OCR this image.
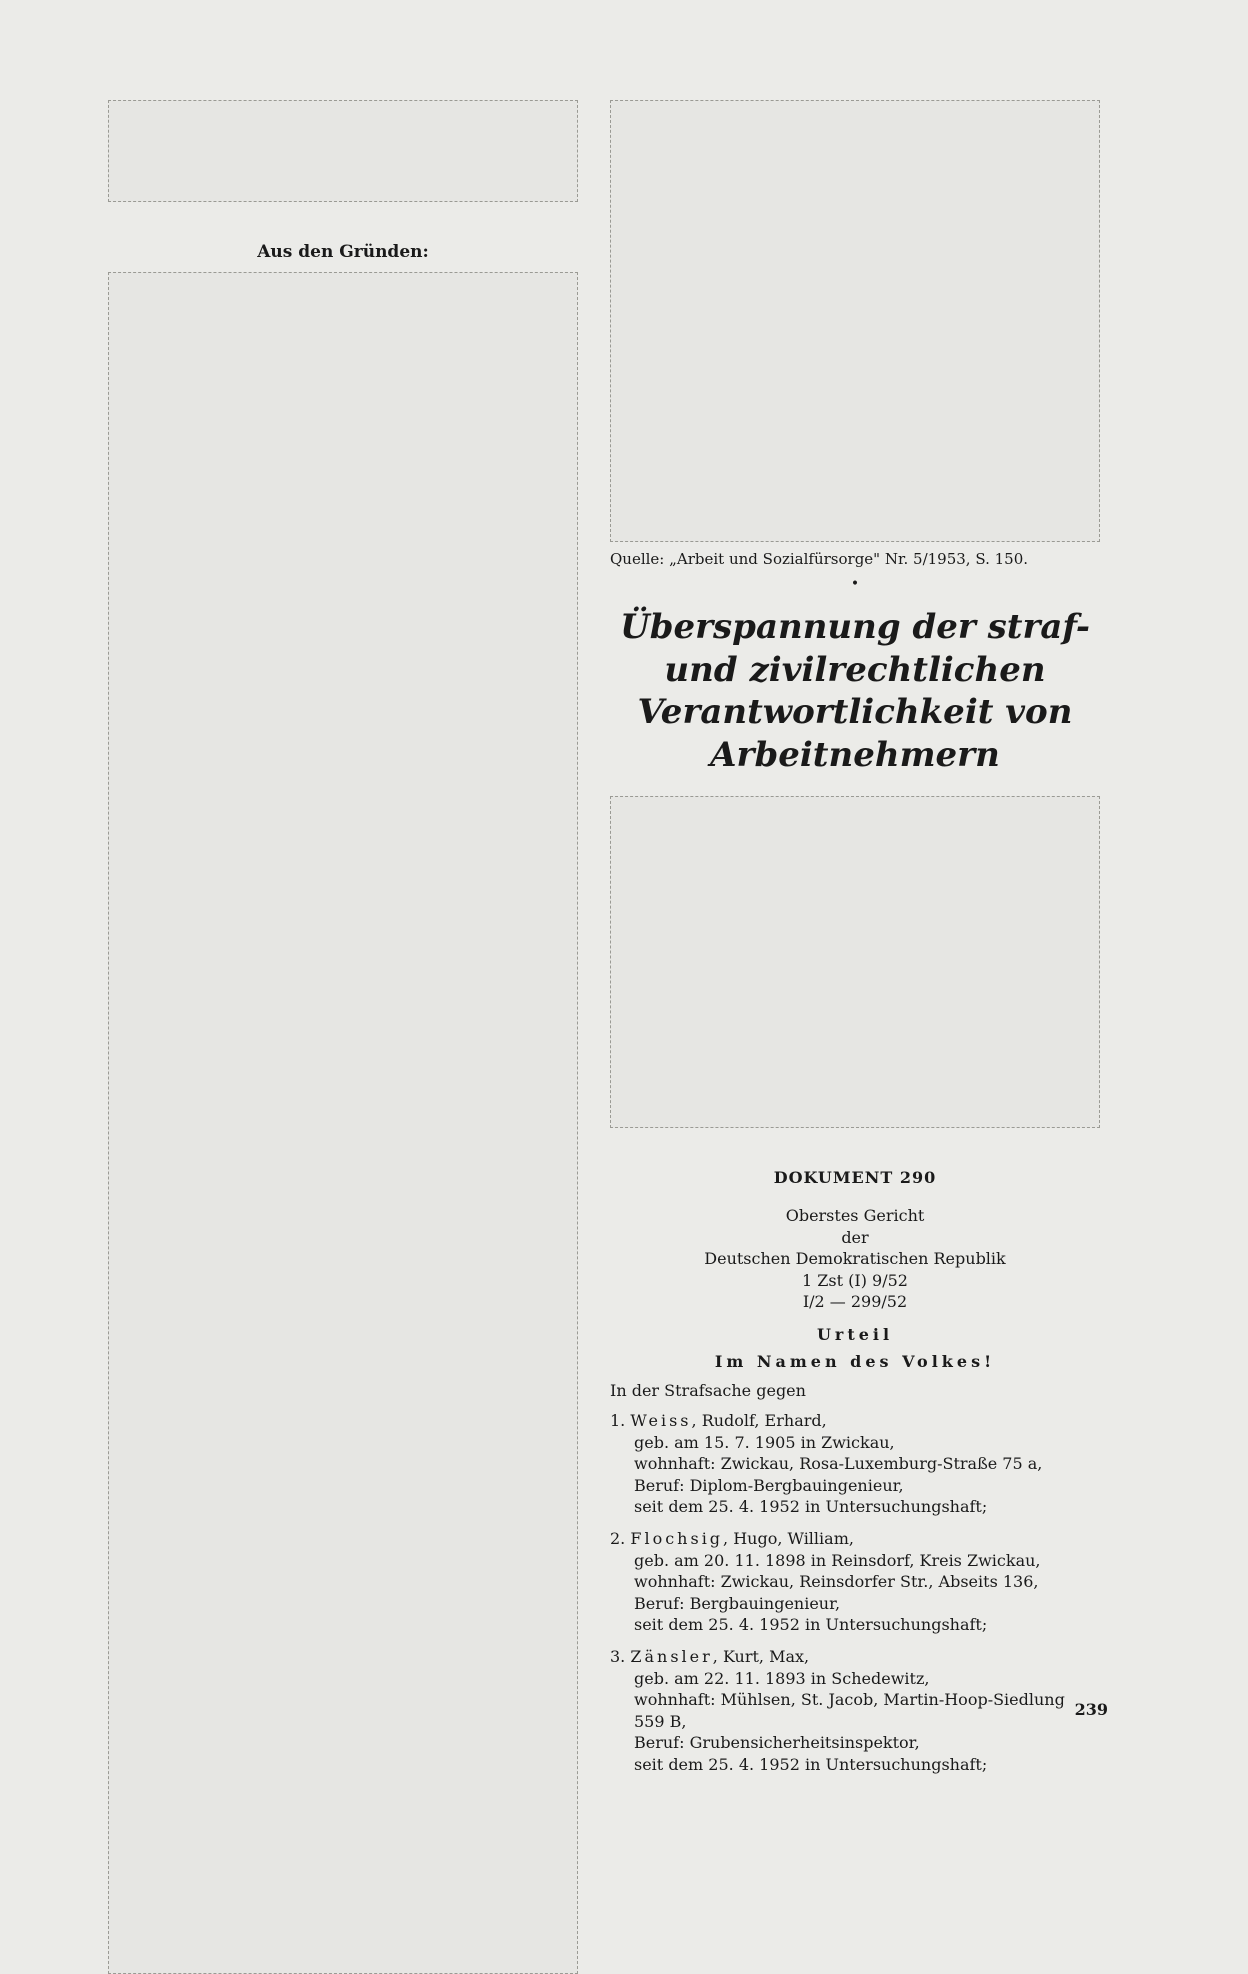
Aus den Gründen:
Quelle: „Arbeit und Sozialfürsorge" Nr. 5/1953, S. 150.
•
Überspannung der straf- und zivilrechtlichen Verantwortlichkeit von Arbeitnehmern
DOKUMENT 290
Oberstes Gericht
der
Deutschen Demokratischen Republik
1 Zst (I) 9/52
I/2 — 299/52
Urteil
Im Namen des Volkes!
In der Strafsache gegen
1. Weiss, Rudolf, Erhard,
geb. am 15. 7. 1905 in Zwickau,
wohnhaft: Zwickau, Rosa-Luxemburg-Straße 75 a,
Beruf: Diplom-Bergbauingenieur,
seit dem 25. 4. 1952 in Untersuchungshaft;
2. Flochsig, Hugo, William,
geb. am 20. 11. 1898 in Reinsdorf, Kreis Zwickau,
wohnhaft: Zwickau, Reinsdorfer Str., Abseits 136,
Beruf: Bergbauingenieur,
seit dem 25. 4. 1952 in Untersuchungshaft;
3. Zänsler, Kurt, Max,
geb. am 22. 11. 1893 in Schedewitz,
wohnhaft: Mühlsen, St. Jacob, Martin-Hoop-Siedlung 559 B,
Beruf: Grubensicherheitsinspektor,
seit dem 25. 4. 1952 in Untersuchungshaft;
239
